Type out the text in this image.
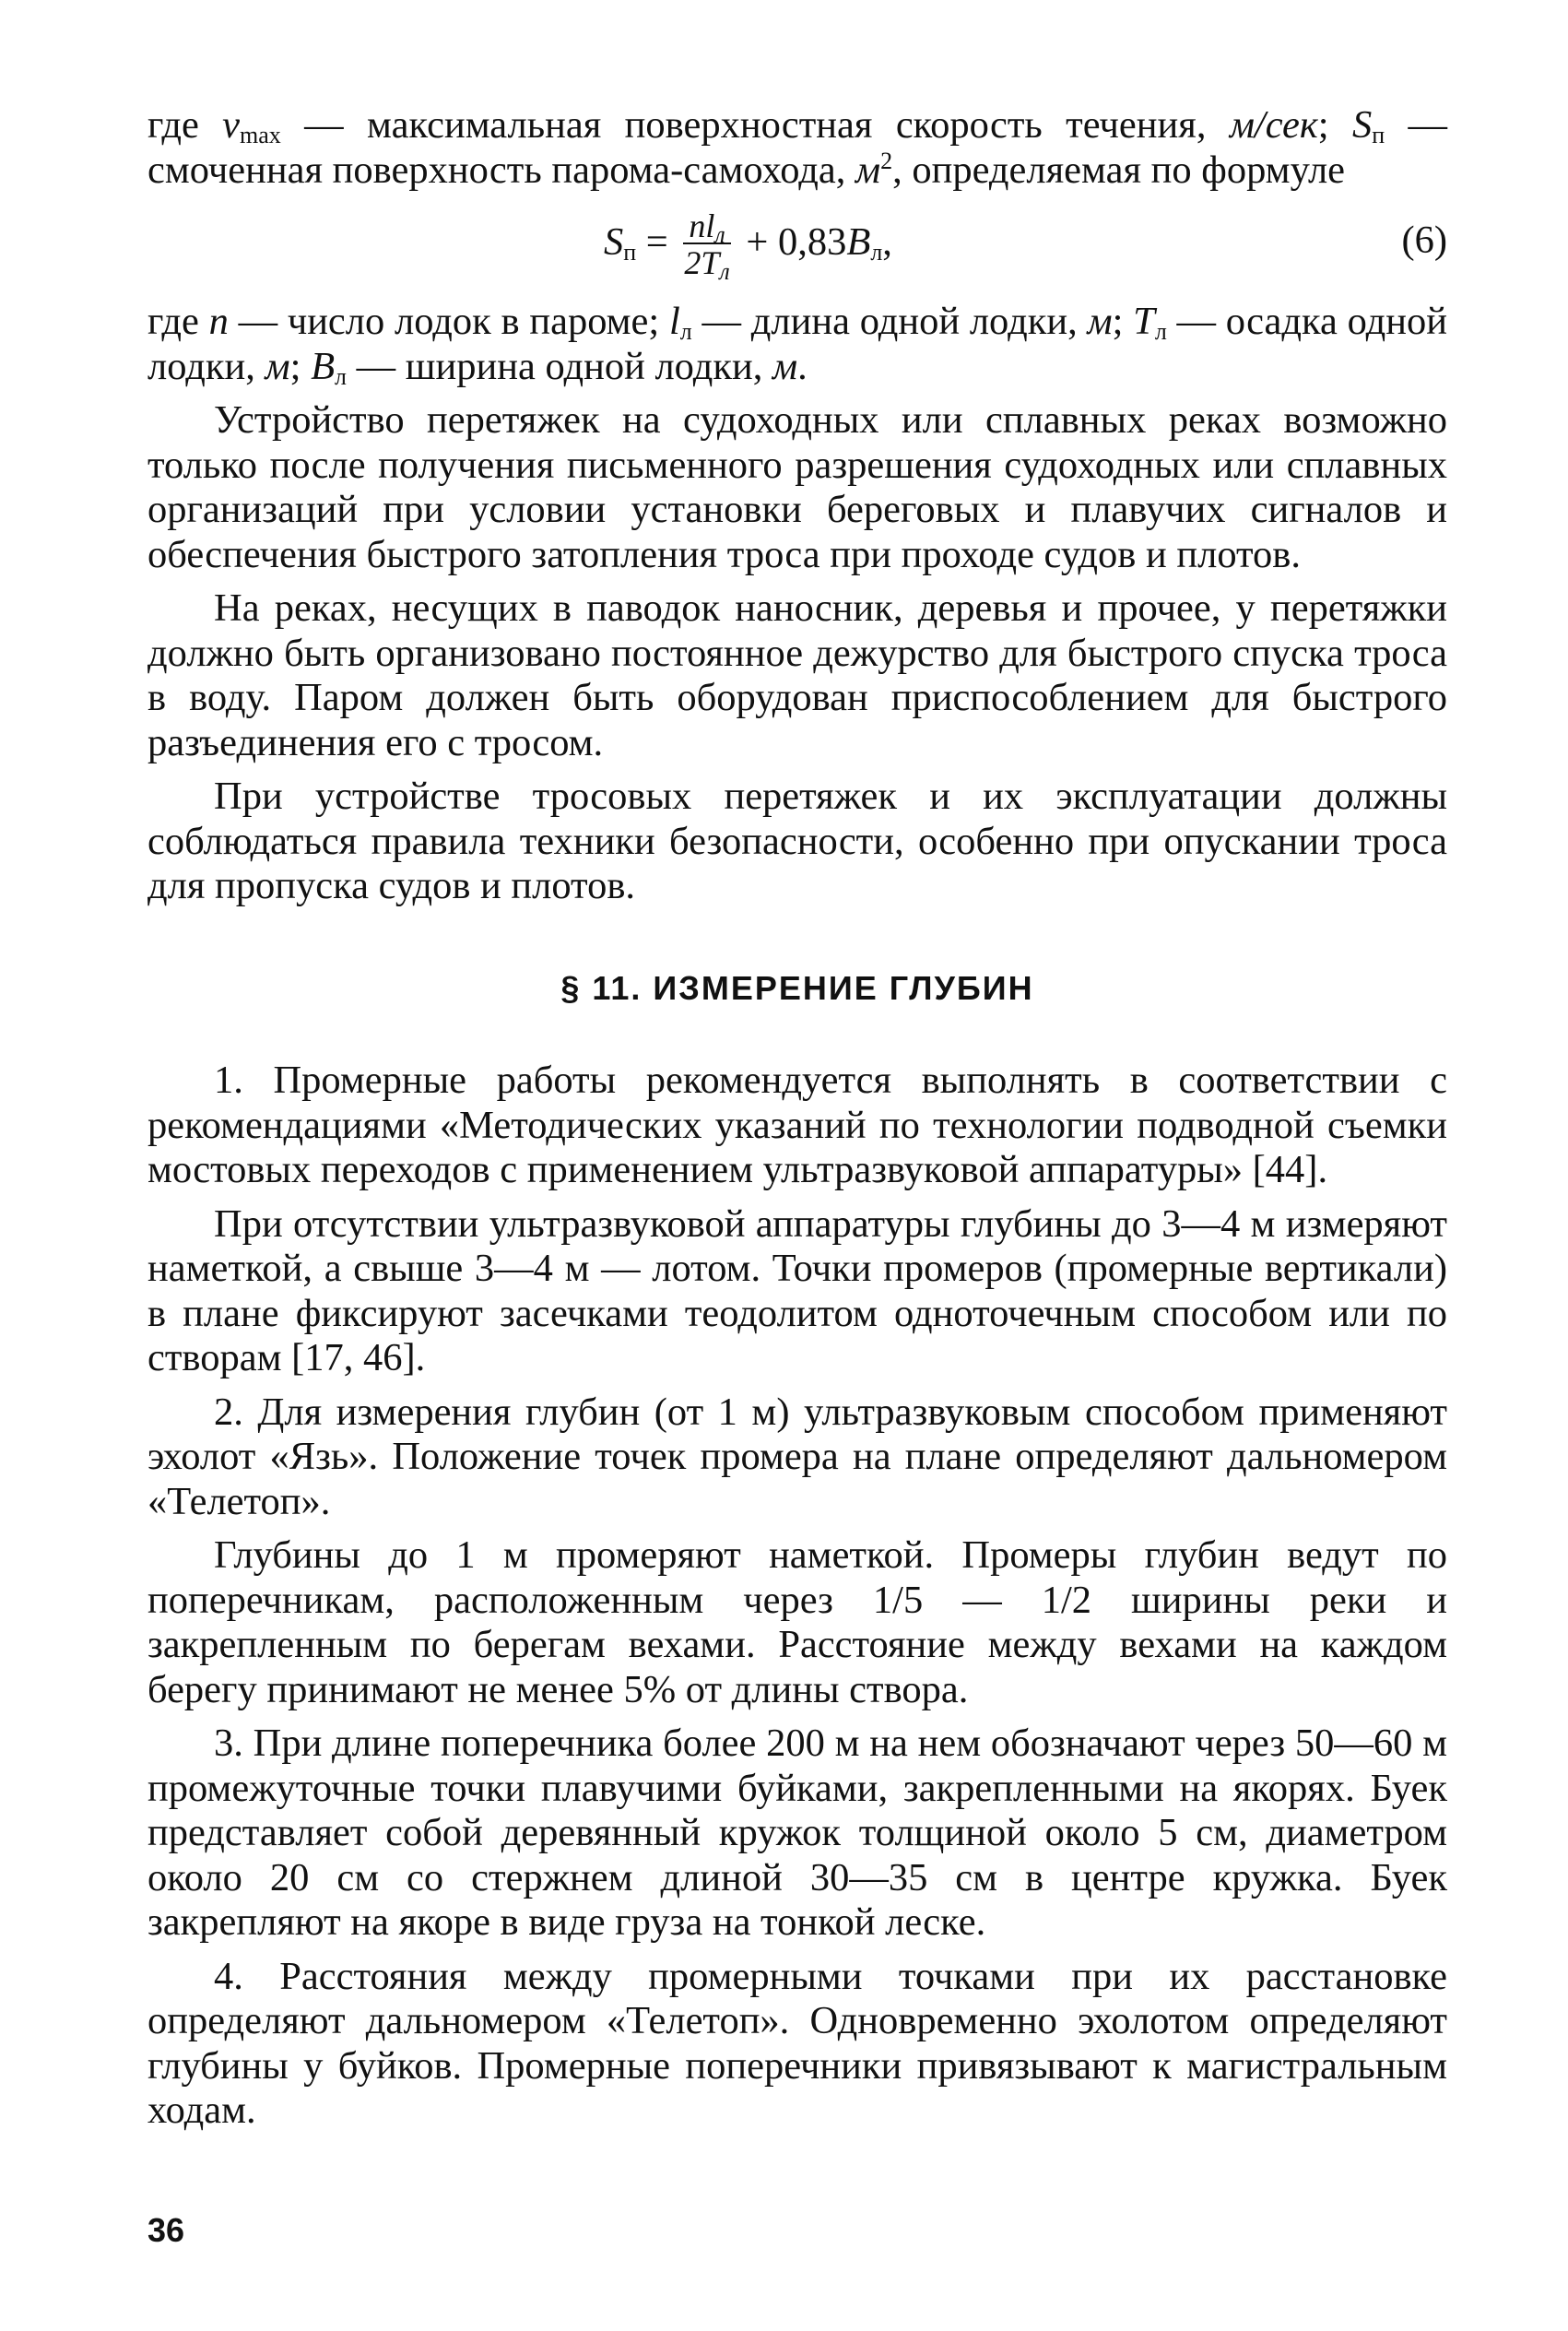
где $v_{max}$ — максимальная поверхностная скорость течения, м/сек; $S_п$ — смоченная поверхность парома-самохода, $м^2$, определяемая по формуле

$S_п = \frac{nl_л}{2T_л} + 0,83B_л$,	(6)

где n — число лодок в пароме; $l_л$ — длина одной лодки, м; $T_л$ — осадка одной лодки, м; $B_л$ — ширина одной лодки, м.

Устройство перетяжек на судоходных или сплавных реках возможно только после получения письменного разрешения судоходных или сплавных организаций при условии установки береговых и плавучих сигналов и обеспечения быстрого затопления троса при проходе судов и плотов.

На реках, несущих в паводок наносник, деревья и прочее, у перетяжки должно быть организовано постоянное дежурство для быстрого спуска троса в воду. Паром должен быть оборудован приспособлением для быстрого разъединения его с тросом.

При устройстве тросовых перетяжек и их эксплуатации должны соблюдаться правила техники безопасности, особенно при опускании троса для пропуска судов и плотов.

§ 11. ИЗМЕРЕНИЕ ГЛУБИН

1. Промерные работы рекомендуется выполнять в соответствии с рекомендациями «Методических указаний по технологии подводной съемки мостовых переходов с применением ультразвуковой аппаратуры» [44].

При отсутствии ультразвуковой аппаратуры глубины до 3—4 м измеряют наметкой, а свыше 3—4 м — лотом. Точки промеров (промерные вертикали) в плане фиксируют засечками теодолитом одноточечным способом или по створам [17, 46].

2. Для измерения глубин (от 1 м) ультразвуковым способом применяют эхолот «Язь». Положение точек промера на плане определяют дальномером «Телетоп».

Глубины до 1 м промеряют наметкой. Промеры глубин ведут по поперечникам, расположенным через 1/5 — 1/2 ширины реки и закрепленным по берегам вехами. Расстояние между вехами на каждом берегу принимают не менее 5% от длины створа.

3. При длине поперечника более 200 м на нем обозначают через 50—60 м промежуточные точки плавучими буйками, закрепленными на якорях. Буек представляет собой деревянный кружок толщиной около 5 см, диаметром около 20 см со стержнем длиной 30—35 см в центре кружка. Буек закрепляют на якоре в виде груза на тонкой леске.

4. Расстояния между промерными точками при их расстановке определяют дальномером «Телетоп». Одновременно эхолотом определяют глубины у буйков. Промерные поперечники привязывают к магистральным ходам.

36
